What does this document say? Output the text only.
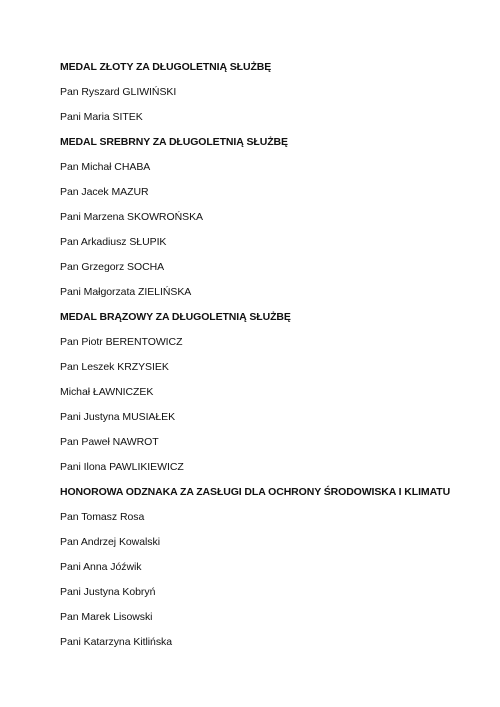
MEDAL ZŁOTY ZA DŁUGOLETNIĄ SŁUŻBĘ
Pan Ryszard GLIWIŃSKI
Pani Maria SITEK
MEDAL SREBRNY ZA DŁUGOLETNIĄ SŁUŻBĘ
Pan Michał CHABA
Pan Jacek MAZUR
Pani Marzena SKOWROŃSKA
Pan Arkadiusz SŁUPIK
Pan Grzegorz SOCHA
Pani Małgorzata ZIELIŃSKA
MEDAL BRĄZOWY ZA DŁUGOLETNIĄ SŁUŻBĘ
Pan Piotr BERENTOWICZ
Pan Leszek KRZYSIEK
Michał ŁAWNICZEK
Pani Justyna MUSIAŁEK
Pan Paweł NAWROT
Pani Ilona PAWLIKIEWICZ
HONOROWA ODZNAKA ZA ZASŁUGI DLA OCHRONY ŚRODOWISKA I KLIMATU
Pan Tomasz Rosa
Pan Andrzej Kowalski
Pani Anna Jóźwik
Pani Justyna Kobryń
Pan Marek Lisowski
Pani Katarzyna Kitlińska
